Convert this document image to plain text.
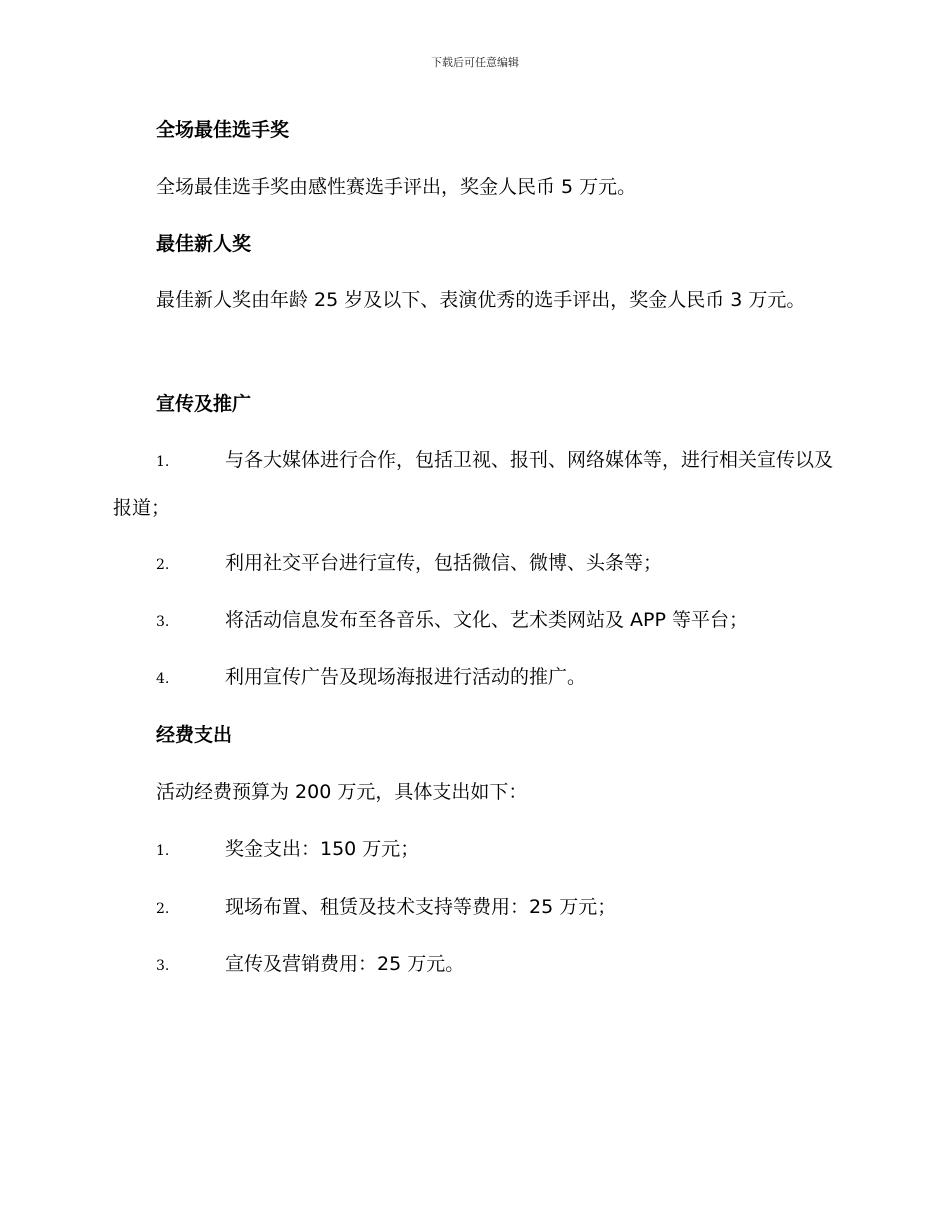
下载后可任意编辑
全场最佳选手奖
全场最佳选手奖由感性赛选手评出，奖金人民币 5 万元。
最佳新人奖
最佳新人奖由年龄 25 岁及以下、表演优秀的选手评出，奖金人民币 3 万元。
宣传及推广
1.	与各大媒体进行合作，包括卫视、报刊、网络媒体等，进行相关宣传以及报道；
2.	利用社交平台进行宣传，包括微信、微博、头条等；
3.	将活动信息发布至各音乐、文化、艺术类网站及 APP 等平台；
4.	利用宣传广告及现场海报进行活动的推广。
经费支出
活动经费预算为 200 万元，具体支出如下：
1.	奖金支出：150 万元；
2.	现场布置、租赁及技术支持等费用：25 万元；
3.	宣传及营销费用：25 万元。
